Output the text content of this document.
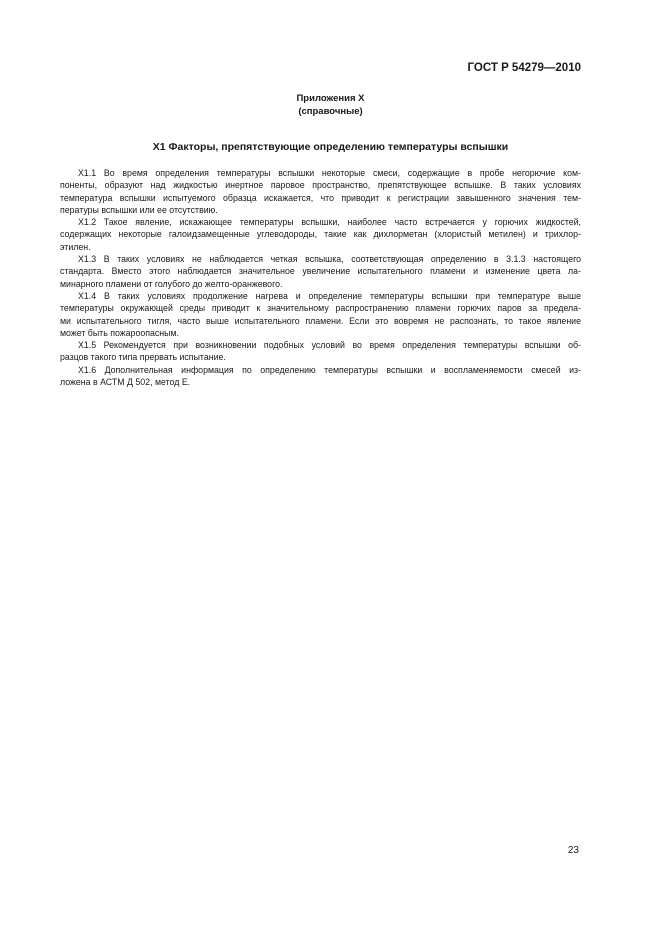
ГОСТ Р 54279—2010
Приложения X
(справочные)
X1 Факторы, препятствующие определению температуры вспышки
X1.1 Во время определения температуры вспышки некоторые смеси, содержащие в пробе негорючие ком-
поненты, образуют над жидкостью инертное паровое пространство, препятствующее вспышке. В таких условиях
температура вспышки испытуемого образца искажается, что приводит к регистрации завышенного значения тем-
пературы вспышки или ее отсутствию.
X1.2 Такое явление, искажающее температуры вспышки, наиболее часто встречается у горючих жидкостей,
содержащих некоторые галоидзамещенные углеводороды, такие как дихлорметан (хлористый метилен) и трихлор-
этилен.
X1.3 В таких условиях не наблюдается четкая вспышка, соответствующая определению в 3.1.3 настоящего
стандарта. Вместо этого наблюдается значительное увеличение испытательного пламени и изменение цвета ла-
минарного пламени от голубого до желто-оранжевого.
X1.4 В таких условиях продолжение нагрева и определение температуры вспышки при температуре выше
температуры окружающей среды приводит к значительному распространению пламени горючих паров за предела-
ми испытательного тигля, часто выше испытательного пламени. Если это вовремя не распознать, то такое явление
может быть пожароопасным.
X1.5 Рекомендуется при возникновении подобных условий во время определения температуры вспышки об-
разцов такого типа прервать испытание.
X1.6 Дополнительная информация по определению температуры вспышки и воспламеняемости смесей из-
ложена в АСТМ Д 502, метод Е.
23
